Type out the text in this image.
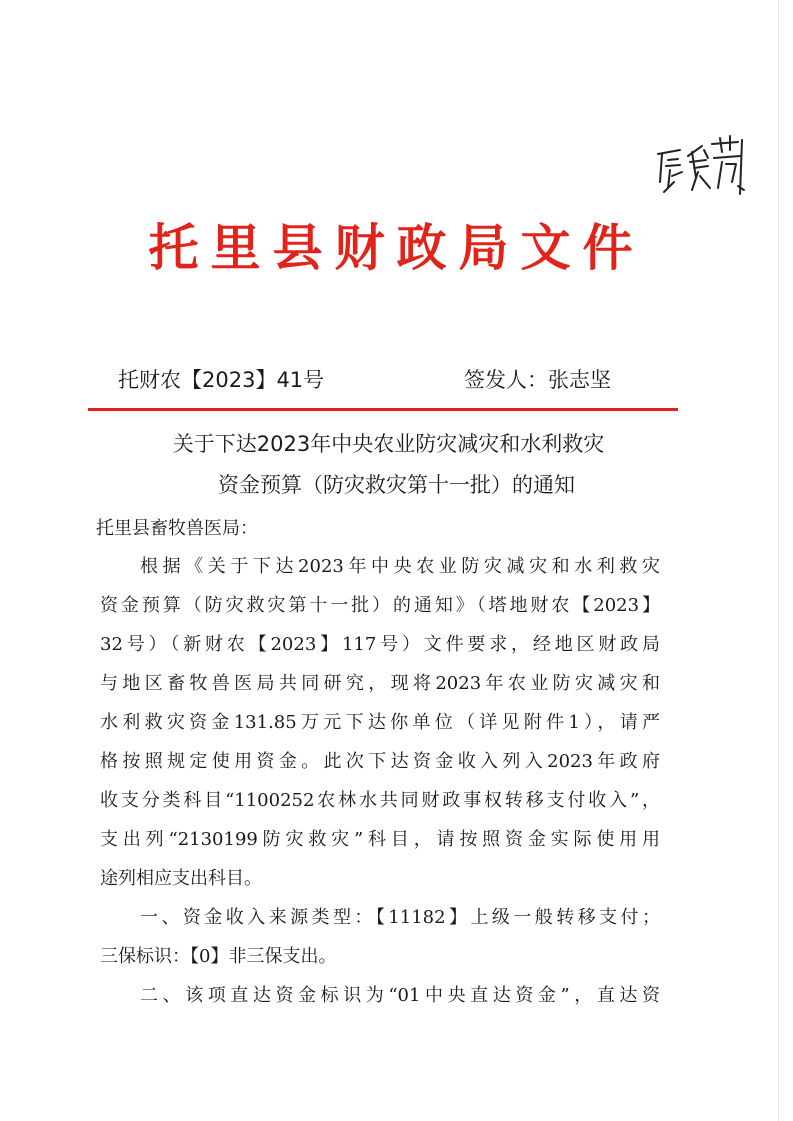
托里县财政局文件
托财农【2023】41号	签发人：张志坚
关于下达2023年中央农业防灾减灾和水利救灾
资金预算（防灾救灾第十一批）的通知
托里县畜牧兽医局：
根据《关于下达2023年中央农业防灾减灾和水利救灾
资金预算（防灾救灾第十一批）的通知》（塔地财农【2023】
32号）（新财农【2023】117号）文件要求，经地区财政局
与地区畜牧兽医局共同研究，现将2023年农业防灾减灾和
水利救灾资金131.85万元下达你单位（详见附件1），请严
格按照规定使用资金。此次下达资金收入列入2023年政府
收支分类科目“1100252农林水共同财政事权转移支付收入”，
支出列“2130199防灾救灾”科目，请按照资金实际使用用
途列相应支出科目。
一、资金收入来源类型：【11182】上级一般转移支付；
三保标识：【0】非三保支出。
二、该项直达资金标识为“01中央直达资金”，直达资
